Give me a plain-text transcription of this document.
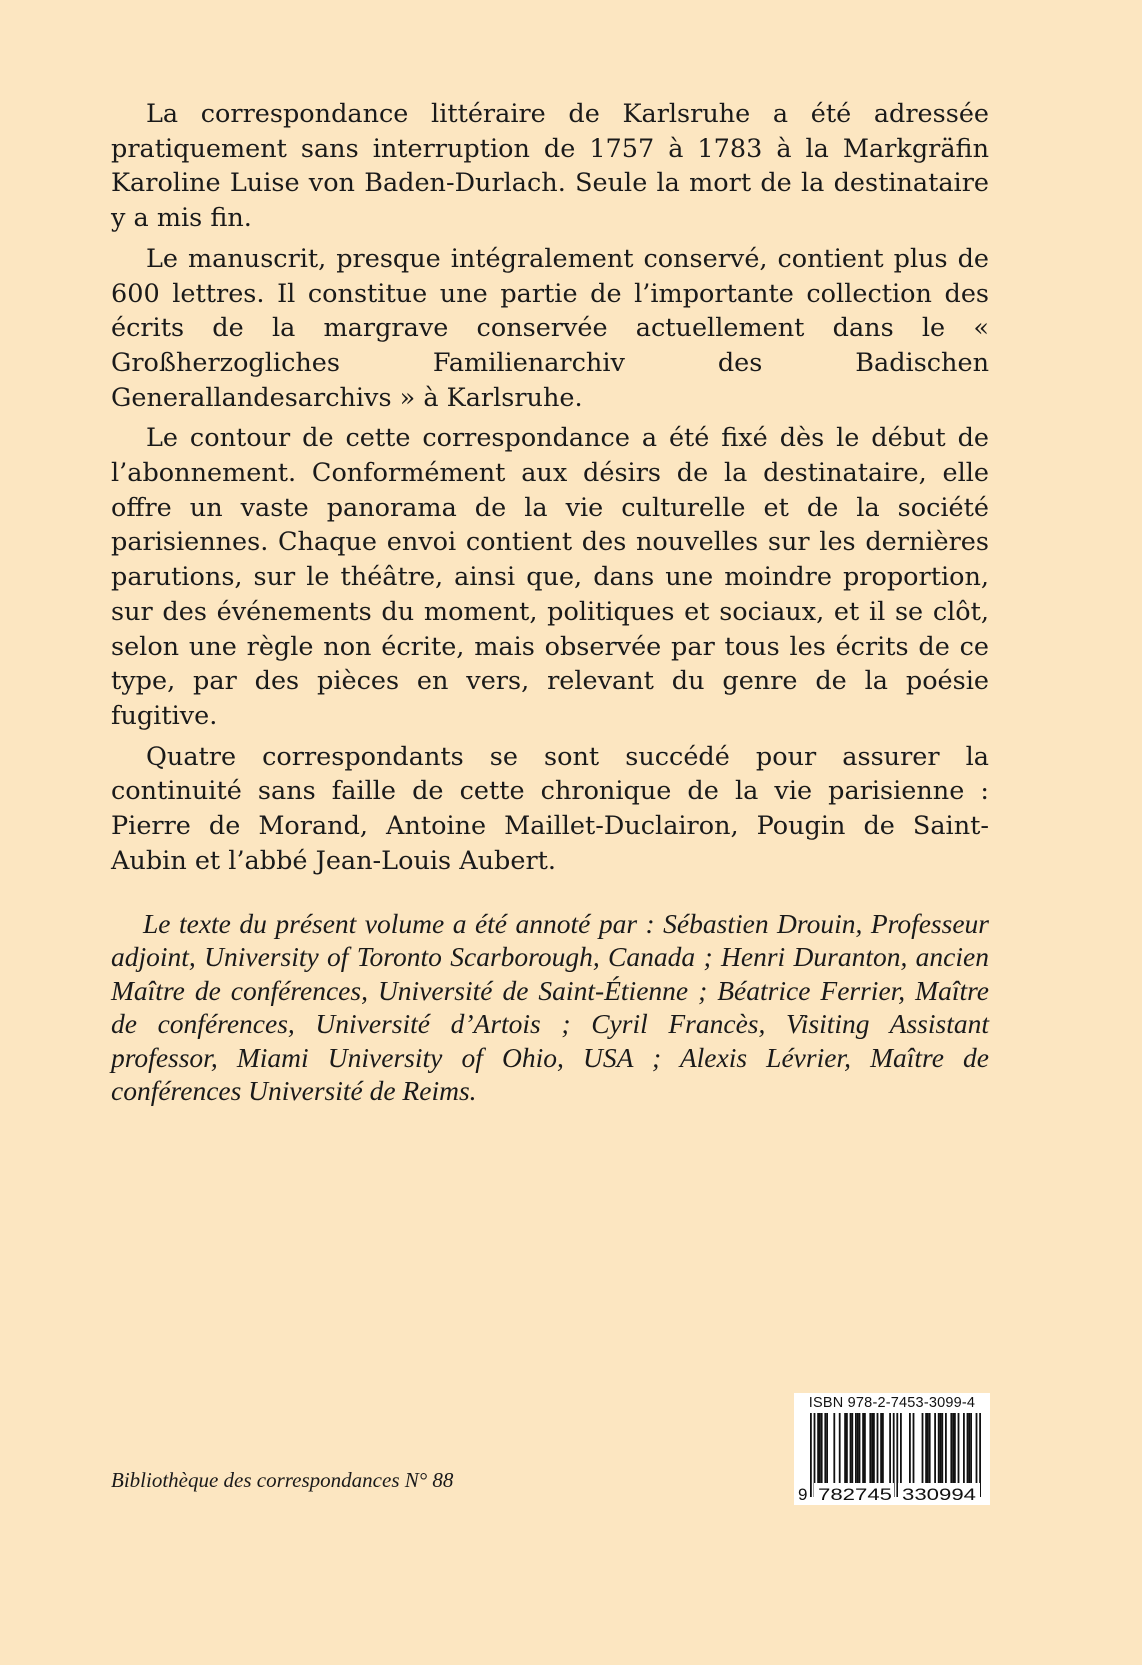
La correspondance littéraire de Karlsruhe a été adressée pratiquement sans interruption de 1757 à 1783 à la Markgräfin Karoline Luise von Baden-Durlach. Seule la mort de la destinataire y a mis fin.

Le manuscrit, presque intégralement conservé, contient plus de 600 lettres. Il constitue une partie de l’importante collection des écrits de la margrave conservée actuellement dans le « Großherzogliches Familienarchiv des Badischen Generallandesarchivs » à Karlsruhe.

Le contour de cette correspondance a été fixé dès le début de l’abonnement. Conformément aux désirs de la destinataire, elle offre un vaste panorama de la vie culturelle et de la société parisiennes. Chaque envoi contient des nouvelles sur les dernières parutions, sur le théâtre, ainsi que, dans une moindre proportion, sur des événements du moment, politiques et sociaux, et il se clôt, selon une règle non écrite, mais observée par tous les écrits de ce type, par des pièces en vers, relevant du genre de la poésie fugitive.

Quatre correspondants se sont succédé pour assurer la continuité sans faille de cette chronique de la vie parisienne : Pierre de Morand, Antoine Maillet-Duclairon, Pougin de Saint-Aubin et l’abbé Jean-Louis Aubert.

Le texte du présent volume a été annoté par : Sébastien Drouin, Professeur adjoint, University of Toronto Scarborough, Canada ; Henri Duranton, ancien Maître de conférences, Université de Saint-Étienne ; Béatrice Ferrier, Maître de conférences, Université d’Artois ; Cyril Francès, Visiting Assistant professor, Miami University of Ohio, USA ; Alexis Lévrier, Maître de conférences Université de Reims.

Bibliothèque des correspondances N° 88
ISBN 978-2-7453-3099-4
9 782745 330994
